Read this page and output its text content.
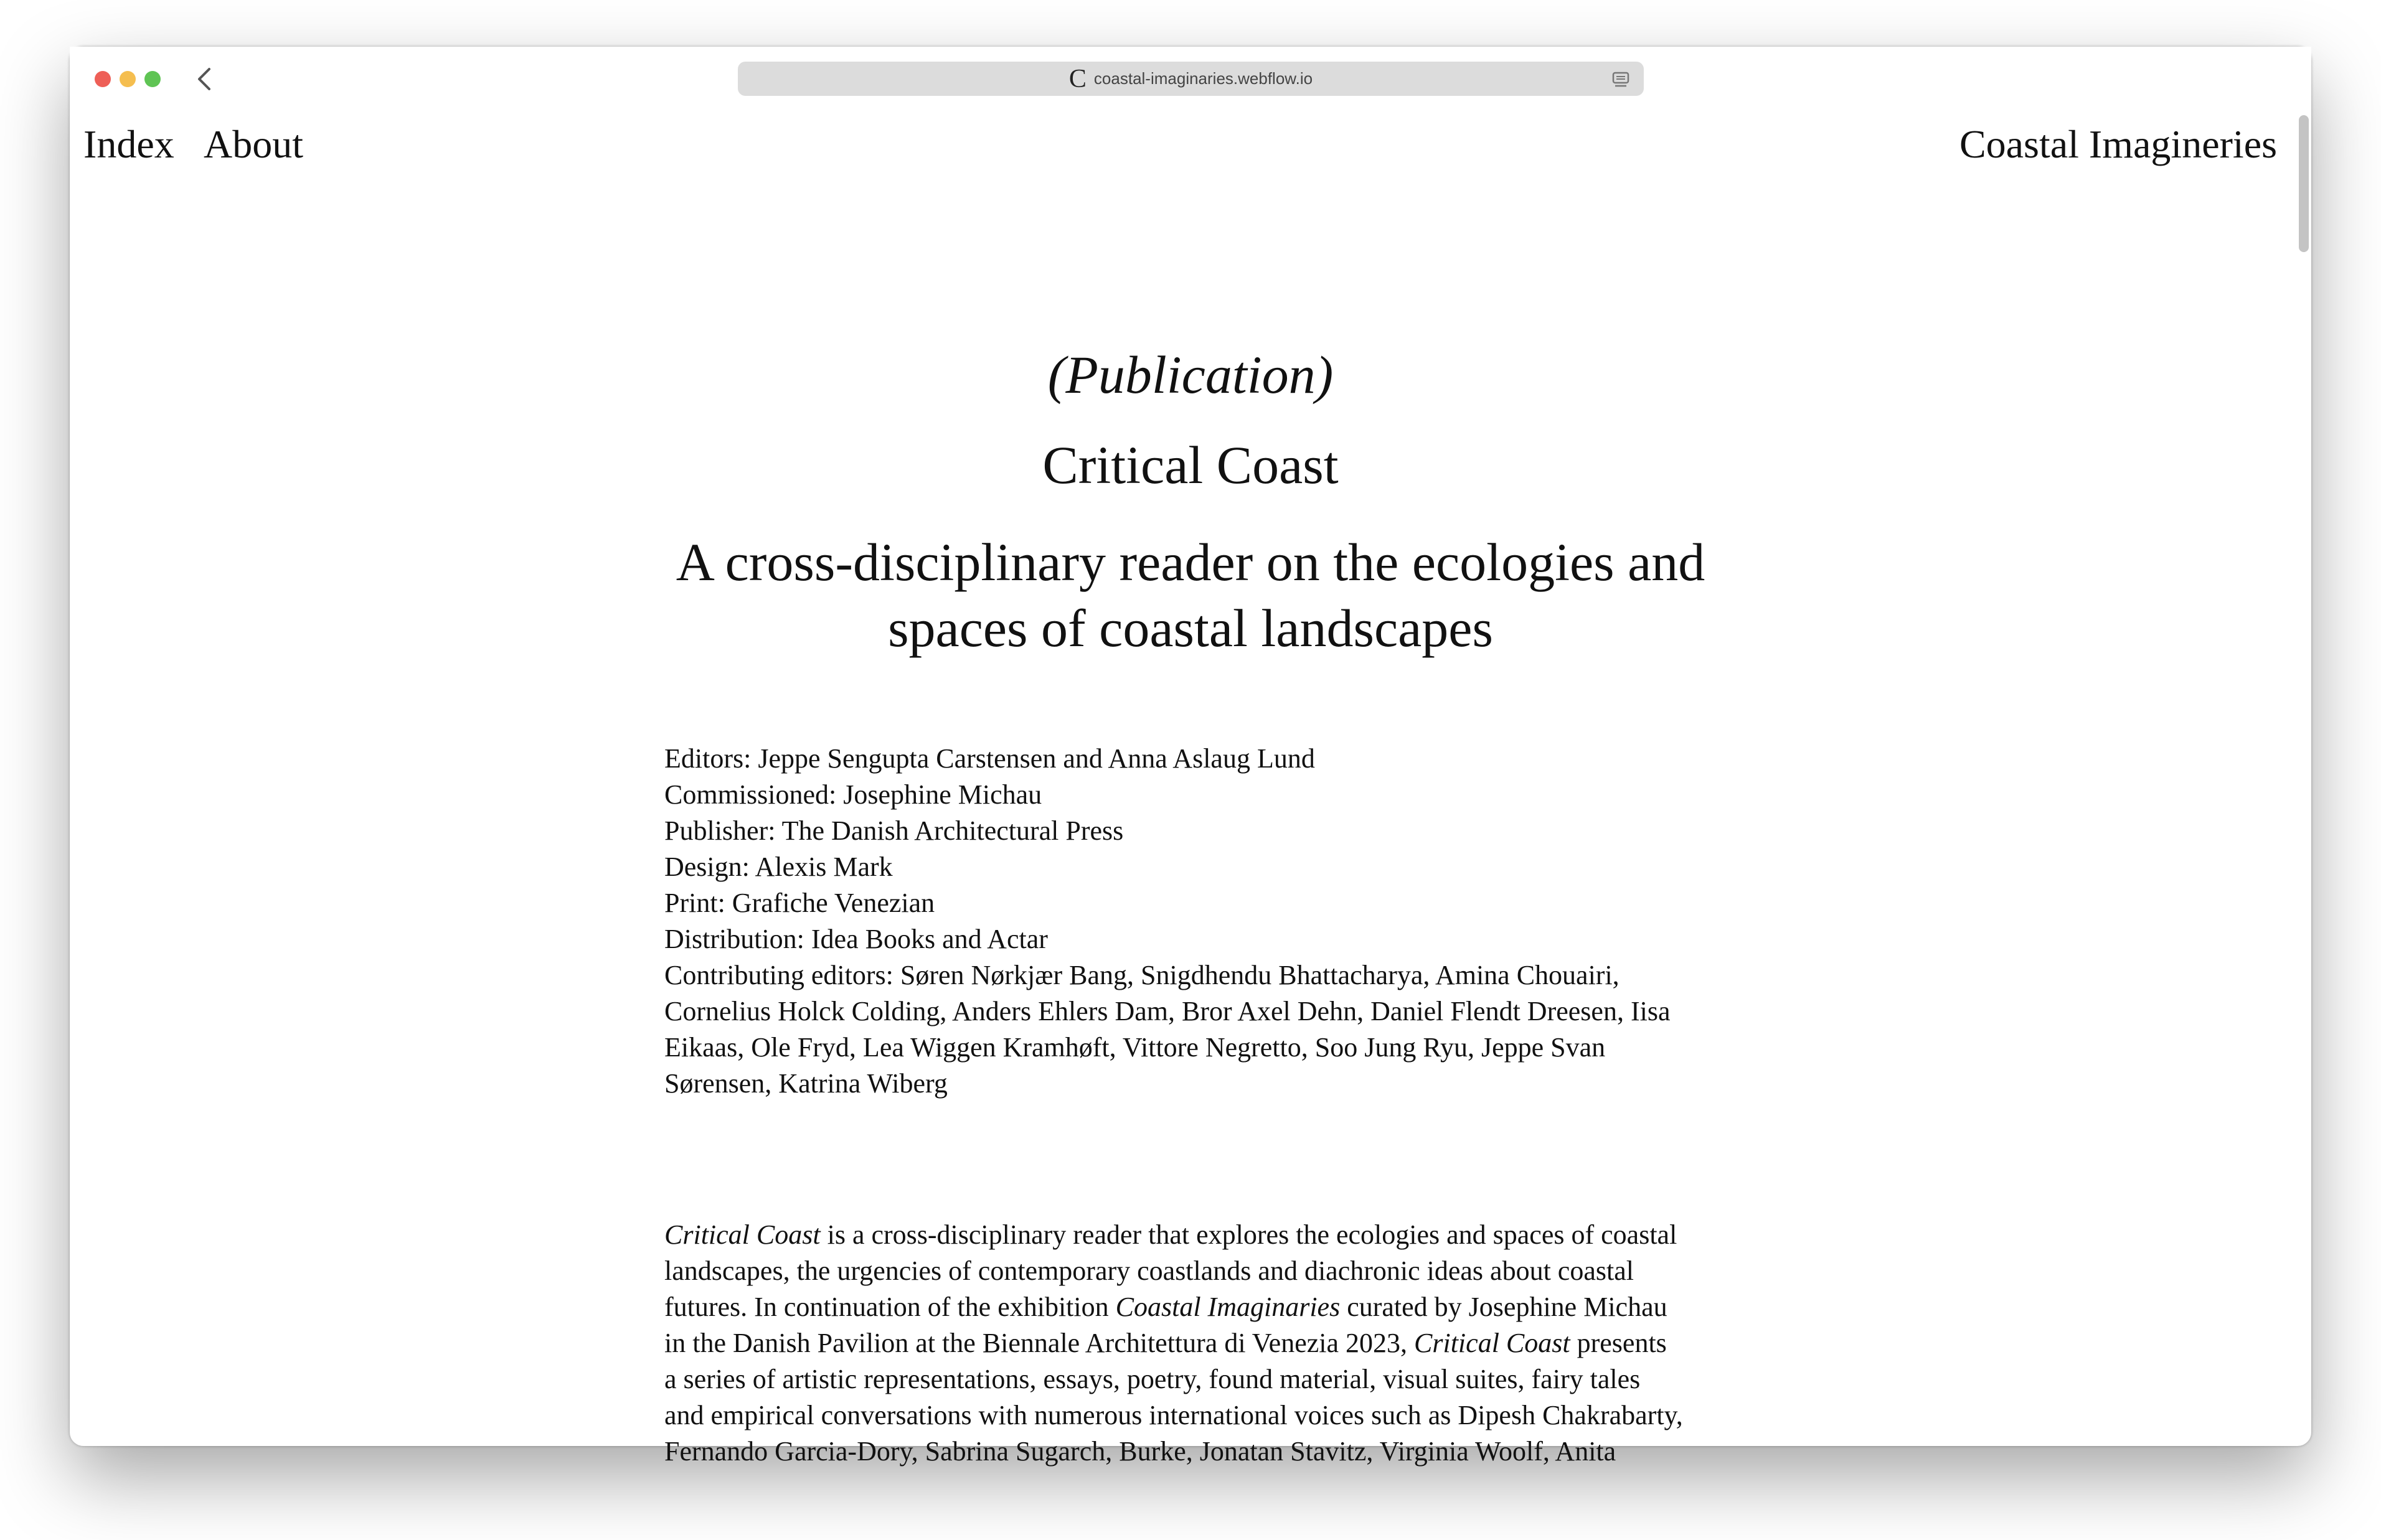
C coastal-imaginaries.webflow.io
Index About	Coastal Imagineries
(Publication)
Critical Coast
A cross-disciplinary reader on the ecologies and spaces of coastal landscapes
Editors: Jeppe Sengupta Carstensen and Anna Aslaug Lund
Commissioned: Josephine Michau
Publisher: The Danish Architectural Press
Design: Alexis Mark
Print: Grafiche Venezian
Distribution: Idea Books and Actar
Contributing editors: Søren Nørkjær Bang, Snigdhendu Bhattacharya, Amina Chouairi, Cornelius Holck Colding, Anders Ehlers Dam, Bror Axel Dehn, Daniel Flendt Dreesen, Iisa Eikaas, Ole Fryd, Lea Wiggen Kramhøft, Vittore Negretto, Soo Jung Ryu, Jeppe Svan Sørensen, Katrina Wiberg

Critical Coast is a cross-disciplinary reader that explores the ecologies and spaces of coastal landscapes, the urgencies of contemporary coastlands and diachronic ideas about coastal futures. In continuation of the exhibition Coastal Imaginaries curated by Josephine Michau in the Danish Pavilion at the Biennale Architettura di Venezia 2023, Critical Coast presents a series of artistic representations, essays, poetry, found material, visual suites, fairy tales and empirical conversations with numerous international voices such as Dipesh Chakrabarty, Fernando Garcia-Dory, Sabrina Sugarch, Burke, Jonatan Stavitz, Virginia Woolf, Anita
